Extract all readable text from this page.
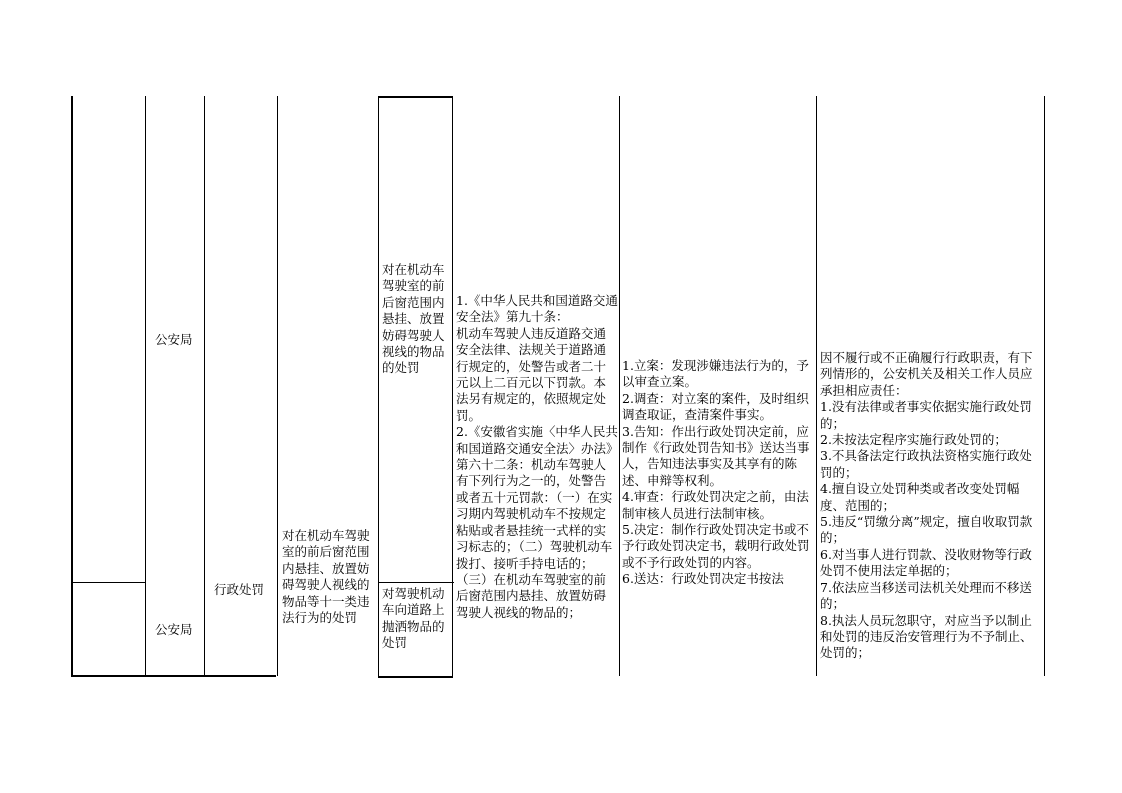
公安局
公安局
行政处罚
对在机动车驾驶室的前后窗范围内悬挂、放置妨碍驾驶人视线的物品等十一类违法行为的处罚
对在机动车驾驶室的前后窗范围内悬挂、放置妨碍驾驶人视线的物品的处罚
对驾驶机动车向道路上抛洒物品的处罚
1.《中华人民共和国道路交通安全法》第九十条：
机动车驾驶人违反道路交通安全法律、法规关于道路通行规定的，处警告或者二十元以上二百元以下罚款。本法另有规定的，依照规定处罚。
2.《安徽省实施〈中华人民共和国道路交通安全法〉办法》第六十二条：机动车驾驶人有下列行为之一的，处警告或者五十元罚款：（一）在实习期内驾驶机动车不按规定粘贴或者悬挂统一式样的实习标志的；（二）驾驶机动车拨打、接听手持电话的；（三）在机动车驾驶室的前后窗范围内悬挂、放置妨碍驾驶人视线的物品的；
1.立案：发现涉嫌违法行为的，予以审查立案。
2.调查：对立案的案件，及时组织调查取证，查清案件事实。
3.告知：作出行政处罚决定前，应制作《行政处罚告知书》送达当事人，告知违法事实及其享有的陈述、申辩等权利。
4.审查：行政处罚决定之前，由法制审核人员进行法制审核。
5.决定：制作行政处罚决定书或不予行政处罚决定书，载明行政处罚或不予行政处罚的内容。
6.送达：行政处罚决定书按法
因不履行或不正确履行行政职责，有下列情形的，公安机关及相关工作人员应承担相应责任：
1.没有法律或者事实依据实施行政处罚的；
2.未按法定程序实施行政处罚的；
3.不具备法定行政执法资格实施行政处罚的；
4.擅自设立处罚种类或者改变处罚幅度、范围的；
5.违反“罚缴分离”规定，擅自收取罚款的；
6.对当事人进行罚款、没收财物等行政处罚不使用法定单据的；
7.依法应当移送司法机关处理而不移送的；
8.执法人员玩忽职守，对应当予以制止和处罚的违反治安管理行为不予制止、处罚的；
